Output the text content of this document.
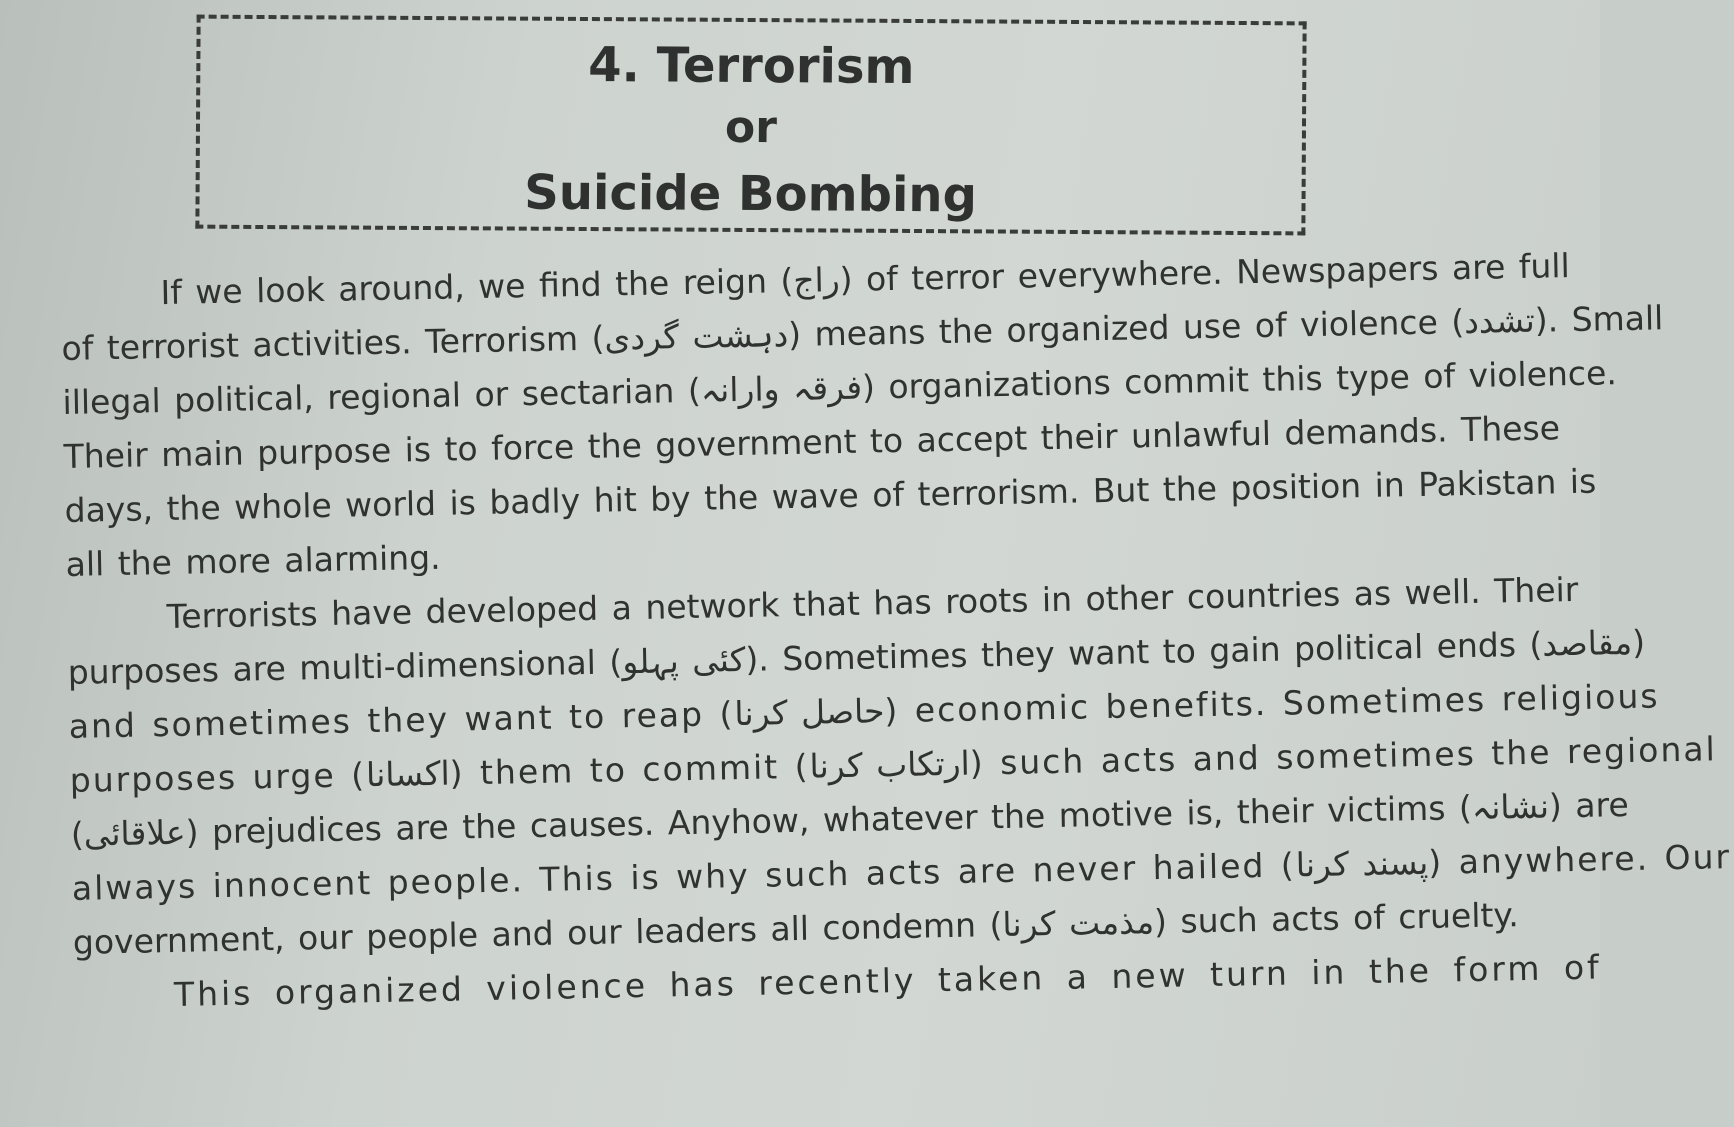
4. Terrorism
or
Suicide Bombing
If we look around, we find the reign (راج) of terror everywhere. Newspapers are full
of terrorist activities. Terrorism (دہشت گردی) means the organized use of violence (تشدد). Small
illegal political, regional or sectarian (فرقہ وارانہ) organizations commit this type of violence.
Their main purpose is to force the government to accept their unlawful demands. These
days, the whole world is badly hit by the wave of terrorism. But the position in Pakistan is
all the more alarming.
Terrorists have developed a network that has roots in other countries as well. Their
purposes are multi-dimensional (کئی پہلو). Sometimes they want to gain political ends (مقاصد)
and sometimes they want to reap (حاصل کرنا) economic benefits. Sometimes religious
purposes urge (اکسانا) them to commit (ارتکاب کرنا) such acts and sometimes the regional
(علاقائی) prejudices are the causes. Anyhow, whatever the motive is, their victims (نشانہ) are
always innocent people. This is why such acts are never hailed (پسند کرنا) anywhere. Our
government, our people and our leaders all condemn (مذمت کرنا) such acts of cruelty.
This organized violence has recently taken a new turn in the form of
